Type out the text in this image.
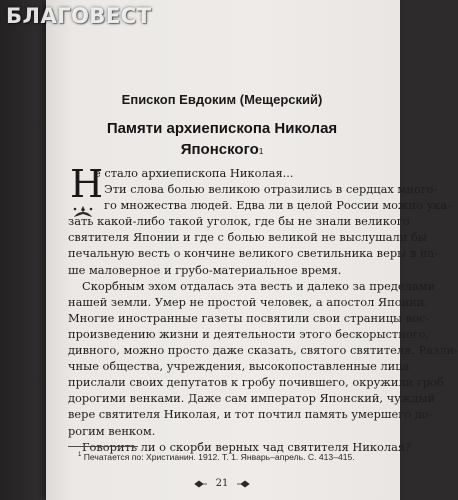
БЛАГОВЕСТ
Епископ Евдоким (Мещерский)
Памяти архиепископа Николая
Японского$^1$
Н
е стало архиепископа Николая...
Эти слова болью великою отразились в сердцах много-
го множества людей. Едва ли в целой России можно ука-
зать какой-либо такой уголок, где бы не знали великого
святителя Японии и где с болью великой не выслушали бы
печальную весть о кончине великого светильника веры в на-
ше маловерное и грубо-материальное время.
Скорбным эхом отдалась эта весть и далеко за пределами
нашей земли. Умер не простой человек, а апостол Японии.
Многие иностранные газеты посвятили свои страницы вос-
произведению жизни и деятельности этого бескорыстного,
дивного, можно просто даже сказать, святого святителя. Разли-
чные общества, учреждения, высокопоставленные лица
прислали своих депутатов к гробу почившего, окружили гроб
дорогими венками. Даже сам император Японский, чуждый
вере святителя Николая, и тот почтил память умершего до-
рогим венком.
Говорить ли о скорби верных чад святителя Николая?
$^1$ Печатается по: Христианин. 1912. Т. 1. Январь–апрель. С. 413–415.
21
